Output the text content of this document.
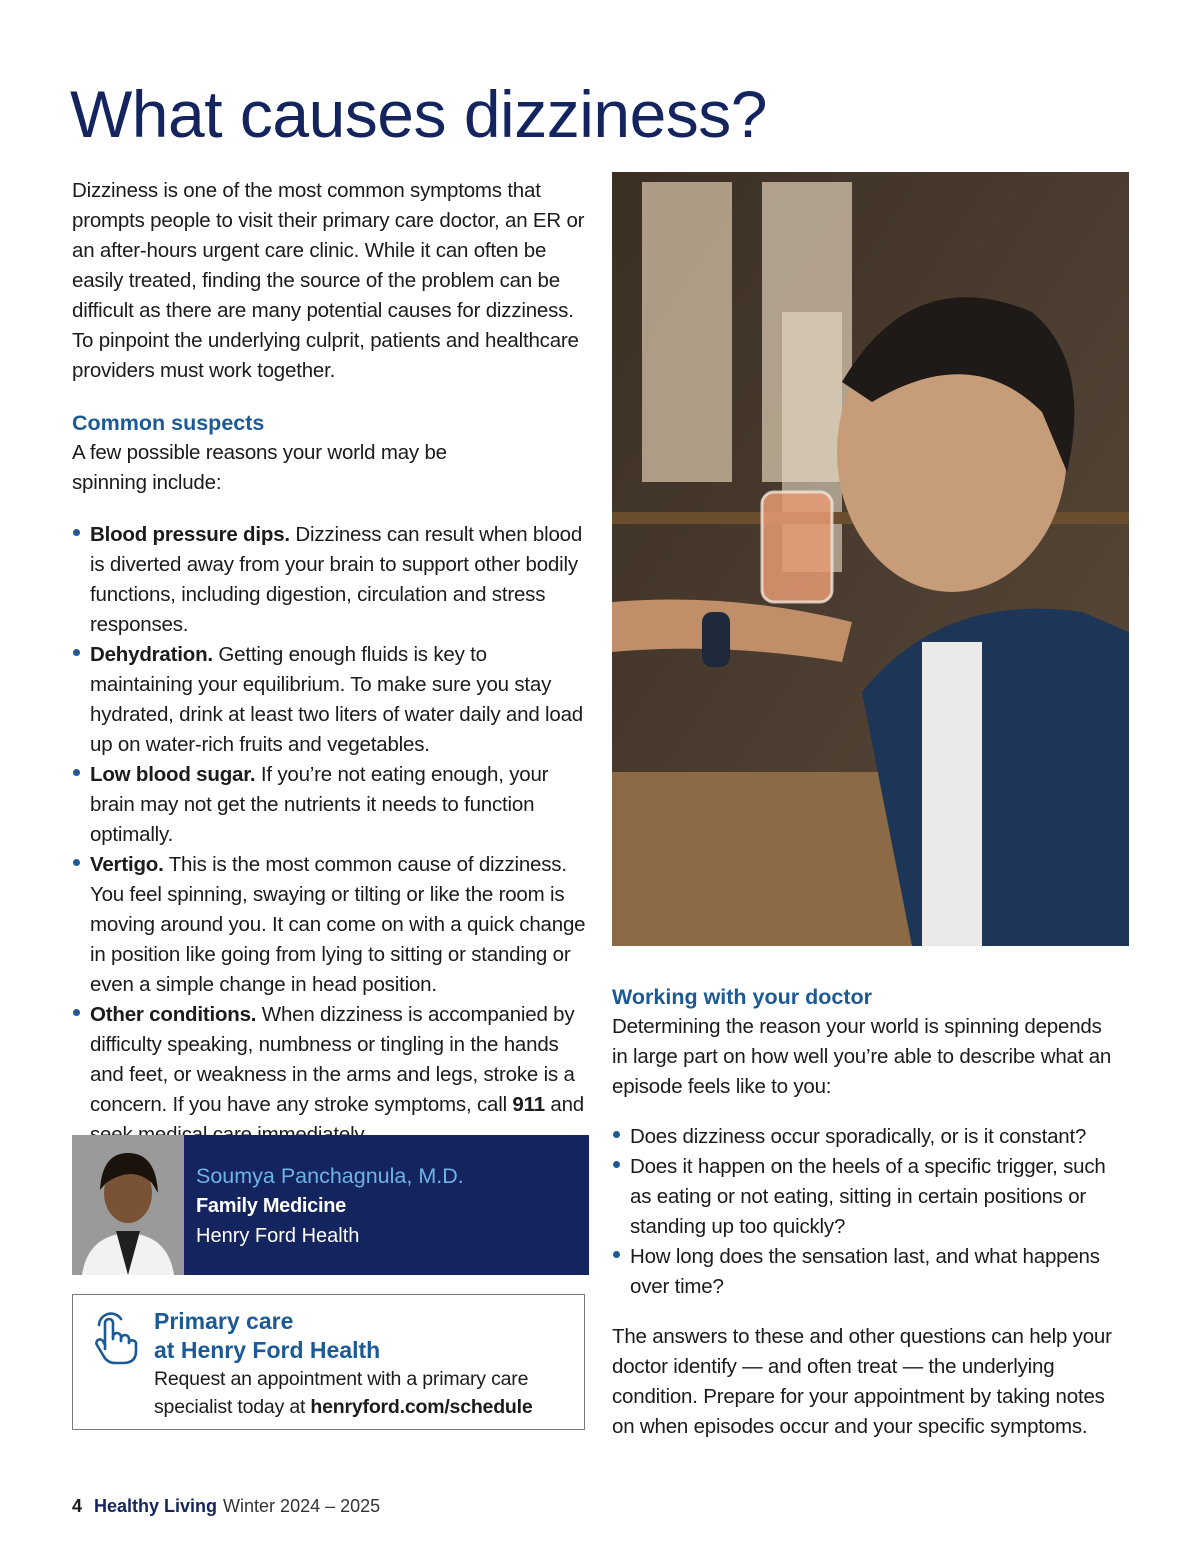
What causes dizziness?

Dizziness is one of the most common symptoms that prompts people to visit their primary care doctor, an ER or an after-hours urgent care clinic. While it can often be easily treated, finding the source of the problem can be difficult as there are many potential causes for dizziness. To pinpoint the underlying culprit, patients and healthcare providers must work together.

Common suspects

A few possible reasons your world may be spinning include:

Blood pressure dips. Dizziness can result when blood is diverted away from your brain to support other bodily functions, including digestion, circulation and stress responses.
Dehydration. Getting enough fluids is key to maintaining your equilibrium. To make sure you stay hydrated, drink at least two liters of water daily and load up on water-rich fruits and vegetables.
Low blood sugar. If you’re not eating enough, your brain may not get the nutrients it needs to function optimally.
Vertigo. This is the most common cause of dizziness. You feel spinning, swaying or tilting or like the room is moving around you. It can come on with a quick change in position like going from lying to sitting or standing or even a simple change in head position.
Other conditions. When dizziness is accompanied by difficulty speaking, numbness or tingling in the hands and feet, or weakness in the arms and legs, stroke is a concern. If you have any stroke symptoms, call 911 and
Soumya Panchagnula, M.D.
Family Medicine
Henry Ford Health
Primary care
at Henry Ford Health
Request an appointment with a primary care specialist today at henryford.com/schedule
Working with your doctor

Determining the reason your world is spinning depends in large part on how well you’re able to describe what an episode feels like to you:

Does dizziness occur sporadically, or is it constant?
Does it happen on the heels of a specific trigger, such as eating or not eating, sitting in certain positions or standing up too quickly?
How long does the sensation last, and what happens over time?

The answers to these and other questions can help your doctor identify — and often treat — the underlying condition. Prepare for your appointment by taking notes on when episodes occur and your specific symptoms.

4 Healthy Living Winter 2024 – 2025
